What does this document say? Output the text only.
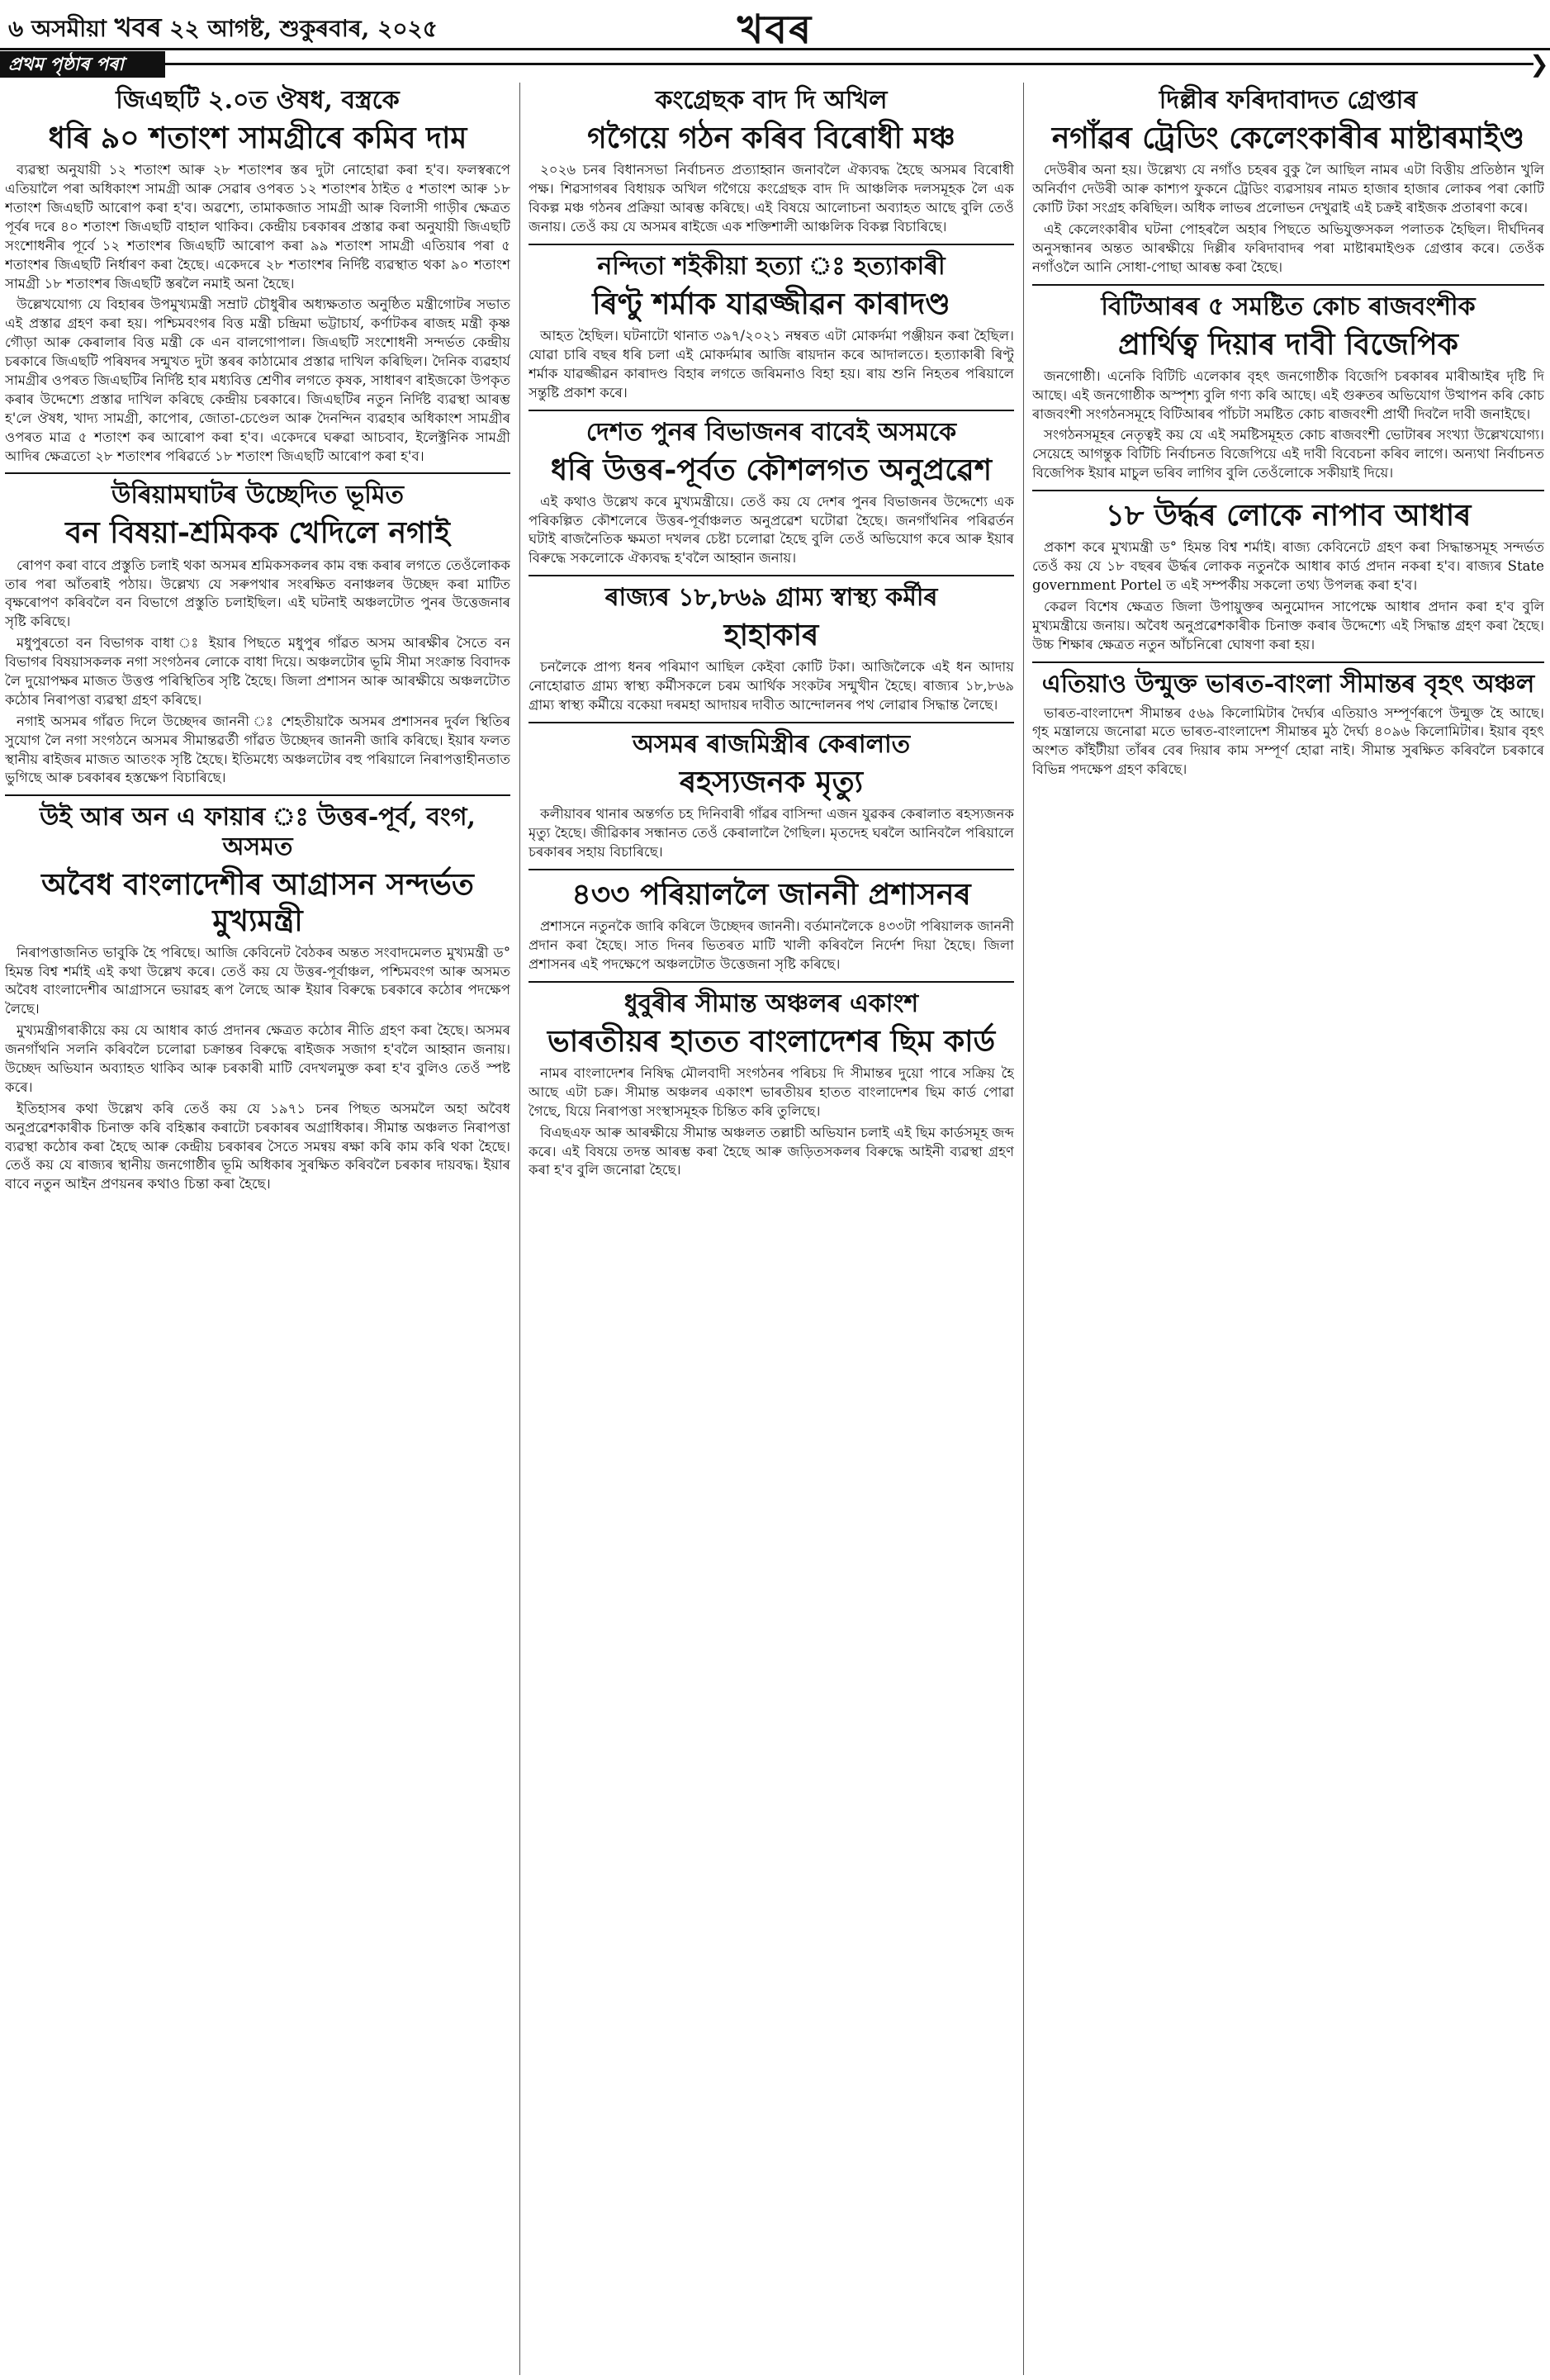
৬ অসমীয়া খবৰ ২২ আগষ্ট, শুকুৰবাৰ, ২০২৫	খবৰ
প্ৰথম পৃষ্ঠাৰ পৰা	❯
জিএছটি ২.০ত ঔষধ, বস্ত্ৰকে
ধৰি ৯০ শতাংশ সামগ্ৰীৰে কমিব দাম

ব্যৱস্থা অনুযায়ী ১২ শতাংশ আৰু ২৮ শতাংশৰ স্তৰ দুটা নোহোৱা কৰা হ'ব। ফলস্বৰূপে এতিয়ালৈ পৰা অধিকাংশ সামগ্ৰী আৰু সেৱাৰ ওপৰত ১২ শতাংশৰ ঠাইত ৫ শতাংশ আৰু ১৮ শতাংশ জিএছটি আৰোপ কৰা হ'ব। অৱশ্যে, তামাকজাত সামগ্ৰী আৰু বিলাসী গাড়ীৰ ক্ষেত্ৰত পূৰ্বৰ দৰে ৪০ শতাংশ জিএছটি বাহাল থাকিব। কেন্দ্ৰীয় চৰকাৰৰ প্ৰস্তাৱ কৰা অনুযায়ী জিএছটি সংশোধনীৰ পূৰ্বে ১২ শতাংশৰ জিএছটি আৰোপ কৰা ৯৯ শতাংশ সামগ্ৰী এতিয়াৰ পৰা ৫ শতাংশৰ জিএছটি নিৰ্ধাৰণ কৰা হৈছে। একেদৰে ২৮ শতাংশৰ নিৰ্দিষ্ট ব্যৱস্থাত থকা ৯০ শতাংশ সামগ্ৰী ১৮ শতাংশৰ জিএছটি স্তৰলৈ নমাই অনা হৈছে।

উল্লেখযোগ্য যে বিহাৰৰ উপমুখ্যমন্ত্ৰী সম্ৰাট চৌধুৰীৰ অধ্যক্ষতাত অনুষ্ঠিত মন্ত্ৰীগোটৰ সভাত এই প্ৰস্তাৱ গ্ৰহণ কৰা হয়। পশ্চিমবংগৰ বিত্ত মন্ত্ৰী চন্দ্ৰিমা ভট্টাচাৰ্য, কৰ্ণাটকৰ ৰাজহ মন্ত্ৰী কৃষ্ণ গৌড়া আৰু কেৰালাৰ বিত্ত মন্ত্ৰী কে এন বালগোপাল। জিএছটি সংশোধনী সন্দৰ্ভত কেন্দ্ৰীয় চৰকাৰে জিএছটি পৰিষদৰ সন্মুখত দুটা স্তৰৰ কাঠামোৰ প্ৰস্তাৱ দাখিল কৰিছিল। দৈনিক ব্যৱহাৰ্য সামগ্ৰীৰ ওপৰত জিএছটিৰ নিৰ্দিষ্ট হাৰ মধ্যবিত্ত শ্ৰেণীৰ লগতে কৃষক, সাধাৰণ ৰাইজকো উপকৃত কৰাৰ উদ্দেশ্যে প্ৰস্তাৱ দাখিল কৰিছে কেন্দ্ৰীয় চৰকাৰে। জিএছটিৰ নতুন নিৰ্দিষ্ট ব্যৱস্থা আৰম্ভ হ'লে ঔষধ, খাদ্য সামগ্ৰী, কাপোৰ, জোতা-চেণ্ডেল আৰু দৈনন্দিন ব্যৱহাৰ অধিকাংশ সামগ্ৰীৰ ওপৰত মাত্ৰ ৫ শতাংশ কৰ আৰোপ কৰা হ'ব। একেদৰে ঘৰুৱা আচবাব, ইলেক্ট্ৰনিক সামগ্ৰী আদিৰ ক্ষেত্ৰতো ২৮ শতাংশৰ পৰিৱৰ্তে ১৮ শতাংশ জিএছটি আৰোপ কৰা হ'ব।

উৰিয়ামঘাটৰ উচ্ছেদিত ভূমিত
বন বিষয়া-শ্ৰমিকক খেদিলে নগাই

ৰোপণ কৰা বাবে প্ৰস্তুতি চলাই থকা অসমৰ শ্ৰমিকসকলৰ কাম বন্ধ কৰাৰ লগতে তেওঁলোকক তাৰ পৰা আঁতৰাই পঠায়। উল্লেখ্য যে সৰুপথাৰ সংৰক্ষিত বনাঞ্চলৰ উচ্ছেদ কৰা মাটিত বৃক্ষৰোপণ কৰিবলৈ বন বিভাগে প্ৰস্তুতি চলাইছিল। এই ঘটনাই অঞ্চলটোত পুনৰ উত্তেজনাৰ সৃষ্টি কৰিছে।

মধুপুৰতো বন বিভাগক বাধা ঃ ইয়াৰ পিছতে মধুপুৰ গাঁৱত অসম আৰক্ষীৰ সৈতে বন বিভাগৰ বিষয়াসকলক নগা সংগঠনৰ লোকে বাধা দিয়ে। অঞ্চলটোৰ ভূমি সীমা সংক্ৰান্ত বিবাদক লৈ দুয়োপক্ষৰ মাজত উত্তপ্ত পৰিস্থিতিৰ সৃষ্টি হৈছে। জিলা প্ৰশাসন আৰু আৰক্ষীয়ে অঞ্চলটোত কঠোৰ নিৰাপত্তা ব্যৱস্থা গ্ৰহণ কৰিছে।

নগাই অসমৰ গাঁৱত দিলে উচ্ছেদৰ জাননী ঃ শেহতীয়াকৈ অসমৰ প্ৰশাসনৰ দুৰ্বল স্থিতিৰ সুযোগ লৈ নগা সংগঠনে অসমৰ সীমান্তৱৰ্তী গাঁৱত উচ্ছেদৰ জাননী জাৰি কৰিছে। ইয়াৰ ফলত স্থানীয় ৰাইজৰ মাজত আতংক সৃষ্টি হৈছে। ইতিমধ্যে অঞ্চলটোৰ বহু পৰিয়ালে নিৰাপত্তাহীনতাত ভুগিছে আৰু চৰকাৰৰ হস্তক্ষেপ বিচাৰিছে।

উই আৰ অন এ ফায়াৰ ঃ উত্তৰ-পূৰ্ব, বংগ, অসমত
অবৈধ বাংলাদেশীৰ আগ্ৰাসন সন্দৰ্ভত মুখ্যমন্ত্ৰী

নিৰাপত্তাজনিত ভাবুকি হৈ পৰিছে। আজি কেবিনেট বৈঠকৰ অন্তত সংবাদমেলত মুখ্যমন্ত্ৰী ড° হিমন্ত বিশ্ব শৰ্মাই এই কথা উল্লেখ কৰে। তেওঁ কয় যে উত্তৰ-পূৰ্বাঞ্চল, পশ্চিমবংগ আৰু অসমত অবৈধ বাংলাদেশীৰ আগ্ৰাসনে ভয়াৱহ ৰূপ লৈছে আৰু ইয়াৰ বিৰুদ্ধে চৰকাৰে কঠোৰ পদক্ষেপ লৈছে।

মুখ্যমন্ত্ৰীগৰাকীয়ে কয় যে আধাৰ কাৰ্ড প্ৰদানৰ ক্ষেত্ৰত কঠোৰ নীতি গ্ৰহণ কৰা হৈছে। অসমৰ জনগাঁথনি সলনি কৰিবলৈ চলোৱা চক্ৰান্তৰ বিৰুদ্ধে ৰাইজক সজাগ হ'বলৈ আহ্বান জনায়। উচ্ছেদ অভিযান অব্যাহত থাকিব আৰু চৰকাৰী মাটি বেদখলমুক্ত কৰা হ'ব বুলিও তেওঁ স্পষ্ট কৰে।

ইতিহাসৰ কথা উল্লেখ কৰি তেওঁ কয় যে ১৯৭১ চনৰ পিছত অসমলৈ অহা অবৈধ অনুপ্ৰৱেশকাৰীক চিনাক্ত কৰি বহিষ্কাৰ কৰাটো চৰকাৰৰ অগ্ৰাধিকাৰ। সীমান্ত অঞ্চলত নিৰাপত্তা ব্যৱস্থা কঠোৰ কৰা হৈছে আৰু কেন্দ্ৰীয় চৰকাৰৰ সৈতে সমন্বয় ৰক্ষা কৰি কাম কৰি থকা হৈছে। তেওঁ কয় যে ৰাজ্যৰ স্থানীয় জনগোষ্ঠীৰ ভূমি অধিকাৰ সুৰক্ষিত কৰিবলৈ চৰকাৰ দায়বদ্ধ। ইয়াৰ বাবে নতুন আইন প্ৰণয়নৰ কথাও চিন্তা কৰা হৈছে।

কংগ্ৰেছক বাদ দি অখিল
গগৈয়ে গঠন কৰিব বিৰোধী মঞ্চ

২০২৬ চনৰ বিধানসভা নিৰ্বাচনত প্ৰত্যাহ্বান জনাবলৈ ঐক্যবদ্ধ হৈছে অসমৰ বিৰোধী পক্ষ। শিৱসাগৰৰ বিধায়ক অখিল গগৈয়ে কংগ্ৰেছক বাদ দি আঞ্চলিক দলসমূহক লৈ এক বিকল্প মঞ্চ গঠনৰ প্ৰক্ৰিয়া আৰম্ভ কৰিছে। এই বিষয়ে আলোচনা অব্যাহত আছে বুলি তেওঁ জনায়। তেওঁ কয় যে অসমৰ ৰাইজে এক শক্তিশালী আঞ্চলিক বিকল্প বিচাৰিছে।

নন্দিতা শইকীয়া হত্যা ঃ হত্যাকাৰী
ৰিণ্টু শৰ্মাক যাৱজ্জীৱন কাৰাদণ্ড

আহত হৈছিল। ঘটনাটো থানাত ৩৯৭/২০২১ নম্বৰত এটা মোকৰ্দমা পঞ্জীয়ন কৰা হৈছিল। যোৱা চাৰি বছৰ ধৰি চলা এই মোকৰ্দমাৰ আজি ৰায়দান কৰে আদালতে। হত্যাকাৰী ৰিণ্টু শৰ্মাক যাৱজ্জীৱন কাৰাদণ্ড বিহাৰ লগতে জৰিমনাও বিহা হয়। ৰায় শুনি নিহতৰ পৰিয়ালে সন্তুষ্টি প্ৰকাশ কৰে।

দেশত পুনৰ বিভাজনৰ বাবেই অসমকে
ধৰি উত্তৰ-পূৰ্বত কৌশলগত অনুপ্ৰৱেশ

এই কথাও উল্লেখ কৰে মুখ্যমন্ত্ৰীয়ে। তেওঁ কয় যে দেশৰ পুনৰ বিভাজনৰ উদ্দেশ্যে এক পৰিকল্পিত কৌশলেৰে উত্তৰ-পূৰ্বাঞ্চলত অনুপ্ৰৱেশ ঘটোৱা হৈছে। জনগাঁথনিৰ পৰিৱৰ্তন ঘটাই ৰাজনৈতিক ক্ষমতা দখলৰ চেষ্টা চলোৱা হৈছে বুলি তেওঁ অভিযোগ কৰে আৰু ইয়াৰ বিৰুদ্ধে সকলোকে ঐক্যবদ্ধ হ'বলৈ আহ্বান জনায়।

ৰাজ্যৰ ১৮,৮৬৯ গ্ৰাম্য স্বাস্থ্য কৰ্মীৰ
হাহাকাৰ

চনলৈকে প্ৰাপ্য ধনৰ পৰিমাণ আছিল কেইবা কোটি টকা। আজিলৈকে এই ধন আদায় নোহোৱাত গ্ৰাম্য স্বাস্থ্য কৰ্মীসকলে চৰম আৰ্থিক সংকটৰ সন্মুখীন হৈছে। ৰাজ্যৰ ১৮,৮৬৯ গ্ৰাম্য স্বাস্থ্য কৰ্মীয়ে বকেয়া দৰমহা আদায়ৰ দাবীত আন্দোলনৰ পথ লোৱাৰ সিদ্ধান্ত লৈছে।

অসমৰ ৰাজমিস্ত্ৰীৰ কেৰালাত
ৰহস্যজনক মৃত্যু

কলীয়াবৰ থানাৰ অন্তৰ্গত চহ দিনিবাৰী গাঁৱৰ বাসিন্দা এজন যুৱকৰ কেৰালাত ৰহস্যজনক মৃত্যু হৈছে। জীৱিকাৰ সন্ধানত তেওঁ কেৰালালৈ গৈছিল। মৃতদেহ ঘৰলৈ আনিবলৈ পৰিয়ালে চৰকাৰৰ সহায় বিচাৰিছে।

৪৩৩ পৰিয়াললৈ জাননী প্ৰশাসনৰ

প্ৰশাসনে নতুনকৈ জাৰি কৰিলে উচ্ছেদৰ জাননী। বৰ্তমানলৈকে ৪৩৩টা পৰিয়ালক জাননী প্ৰদান কৰা হৈছে। সাত দিনৰ ভিতৰত মাটি খালী কৰিবলৈ নিৰ্দেশ দিয়া হৈছে। জিলা প্ৰশাসনৰ এই পদক্ষেপে অঞ্চলটোত উত্তেজনা সৃষ্টি কৰিছে।

ধুবুৰীৰ সীমান্ত অঞ্চলৰ একাংশ
ভাৰতীয়ৰ হাতত বাংলাদেশৰ ছিম কাৰ্ড

নামৰ বাংলাদেশৰ নিষিদ্ধ মৌলবাদী সংগঠনৰ পৰিচয় দি সীমান্তৰ দুয়ো পাৰে সক্ৰিয় হৈ আছে এটা চক্ৰ। সীমান্ত অঞ্চলৰ একাংশ ভাৰতীয়ৰ হাতত বাংলাদেশৰ ছিম কাৰ্ড পোৱা গৈছে, যিয়ে নিৰাপত্তা সংস্থাসমূহক চিন্তিত কৰি তুলিছে।

বিএছএফ আৰু আৰক্ষীয়ে সীমান্ত অঞ্চলত তল্লাচী অভিযান চলাই এই ছিম কাৰ্ডসমূহ জব্দ কৰে। এই বিষয়ে তদন্ত আৰম্ভ কৰা হৈছে আৰু জড়িতসকলৰ বিৰুদ্ধে আইনী ব্যৱস্থা গ্ৰহণ কৰা হ'ব বুলি জনোৱা হৈছে।

দিল্লীৰ ফৰিদাবাদত গ্ৰেপ্তাৰ
নগাঁৱৰ ট্ৰেডিং কেলেংকাৰীৰ মাষ্টাৰমাইণ্ড

দেউৰীৰ অনা হয়। উল্লেখ্য যে নগাঁও চহৰৰ বুকু লৈ আছিল নামৰ এটা বিত্তীয় প্ৰতিষ্ঠান খুলি অনিৰ্বাণ দেউৰী আৰু কাশ্যপ ফুকনে ট্ৰেডিং ব্যৱসায়ৰ নামত হাজাৰ হাজাৰ লোকৰ পৰা কোটি কোটি টকা সংগ্ৰহ কৰিছিল। অধিক লাভৰ প্ৰলোভন দেখুৱাই এই চক্ৰই ৰাইজক প্ৰতাৰণা কৰে।

এই কেলেংকাৰীৰ ঘটনা পোহৰলৈ অহাৰ পিছতে অভিযুক্তসকল পলাতক হৈছিল। দীৰ্ঘদিনৰ অনুসন্ধানৰ অন্তত আৰক্ষীয়ে দিল্লীৰ ফৰিদাবাদৰ পৰা মাষ্টাৰমাইণ্ডক গ্ৰেপ্তাৰ কৰে। তেওঁক নগাঁওলৈ আনি সোধা-পোছা আৰম্ভ কৰা হৈছে।

বিটিআৰৰ ৫ সমষ্টিত কোচ ৰাজবংশীক
প্ৰাৰ্থিত্ব দিয়াৰ দাবী বিজেপিক

জনগোষ্ঠী। এনেকি বিটিচি এলেকাৰ বৃহৎ জনগোষ্ঠীক বিজেপি চৰকাৰৰ মাৰীআইৰ দৃষ্টি দি আছে। এই জনগোষ্ঠীক অস্পৃশ্য বুলি গণ্য কৰি আছে। এই গুৰুতৰ অভিযোগ উত্থাপন কৰি কোচ ৰাজবংশী সংগঠনসমূহে বিটিআৰৰ পাঁচটা সমষ্টিত কোচ ৰাজবংশী প্ৰাৰ্থী দিবলৈ দাবী জনাইছে।

সংগঠনসমূহৰ নেতৃত্বই কয় যে এই সমষ্টিসমূহত কোচ ৰাজবংশী ভোটাৰৰ সংখ্যা উল্লেখযোগ্য। সেয়েহে আগন্তুক বিটিচি নিৰ্বাচনত বিজেপিয়ে এই দাবী বিবেচনা কৰিব লাগে। অন্যথা নিৰ্বাচনত বিজেপিক ইয়াৰ মাচুল ভৰিব লাগিব বুলি তেওঁলোকে সকীয়াই দিয়ে।

১৮ উৰ্দ্ধৰ লোকে নাপাব আধাৰ

প্ৰকাশ কৰে মুখ্যমন্ত্ৰী ড° হিমন্ত বিশ্ব শৰ্মাই। ৰাজ্য কেবিনেটে গ্ৰহণ কৰা সিদ্ধান্তসমূহ সন্দৰ্ভত তেওঁ কয় যে ১৮ বছৰৰ ঊৰ্দ্ধৰ লোকক নতুনকৈ আধাৰ কাৰ্ড প্ৰদান নকৰা হ'ব। ৰাজ্যৰ State government Portel ত এই সম্পৰ্কীয় সকলো তথ্য উপলব্ধ কৰা হ'ব।

কেৱল বিশেষ ক্ষেত্ৰত জিলা উপায়ুক্তৰ অনুমোদন সাপেক্ষে আধাৰ প্ৰদান কৰা হ'ব বুলি মুখ্যমন্ত্ৰীয়ে জনায়। অবৈধ অনুপ্ৰৱেশকাৰীক চিনাক্ত কৰাৰ উদ্দেশ্যে এই সিদ্ধান্ত গ্ৰহণ কৰা হৈছে। উচ্চ শিক্ষাৰ ক্ষেত্ৰত নতুন আঁচনিৰো ঘোষণা কৰা হয়।

এতিয়াও উন্মুক্ত ভাৰত-বাংলা সীমান্তৰ বৃহৎ অঞ্চল

ভাৰত-বাংলাদেশ সীমান্তৰ ৫৬৯ কিলোমিটাৰ দৈৰ্ঘ্যৰ এতিয়াও সম্পূৰ্ণৰূপে উন্মুক্ত হৈ আছে। গৃহ মন্ত্ৰালয়ে জনোৱা মতে ভাৰত-বাংলাদেশ সীমান্তৰ মুঠ দৈৰ্ঘ্য ৪০৯৬ কিলোমিটাৰ। ইয়াৰ বৃহৎ অংশত কাঁইটীয়া তাঁৰৰ বেৰ দিয়াৰ কাম সম্পূৰ্ণ হোৱা নাই। সীমান্ত সুৰক্ষিত কৰিবলৈ চৰকাৰে বিভিন্ন পদক্ষেপ গ্ৰহণ কৰিছে।
